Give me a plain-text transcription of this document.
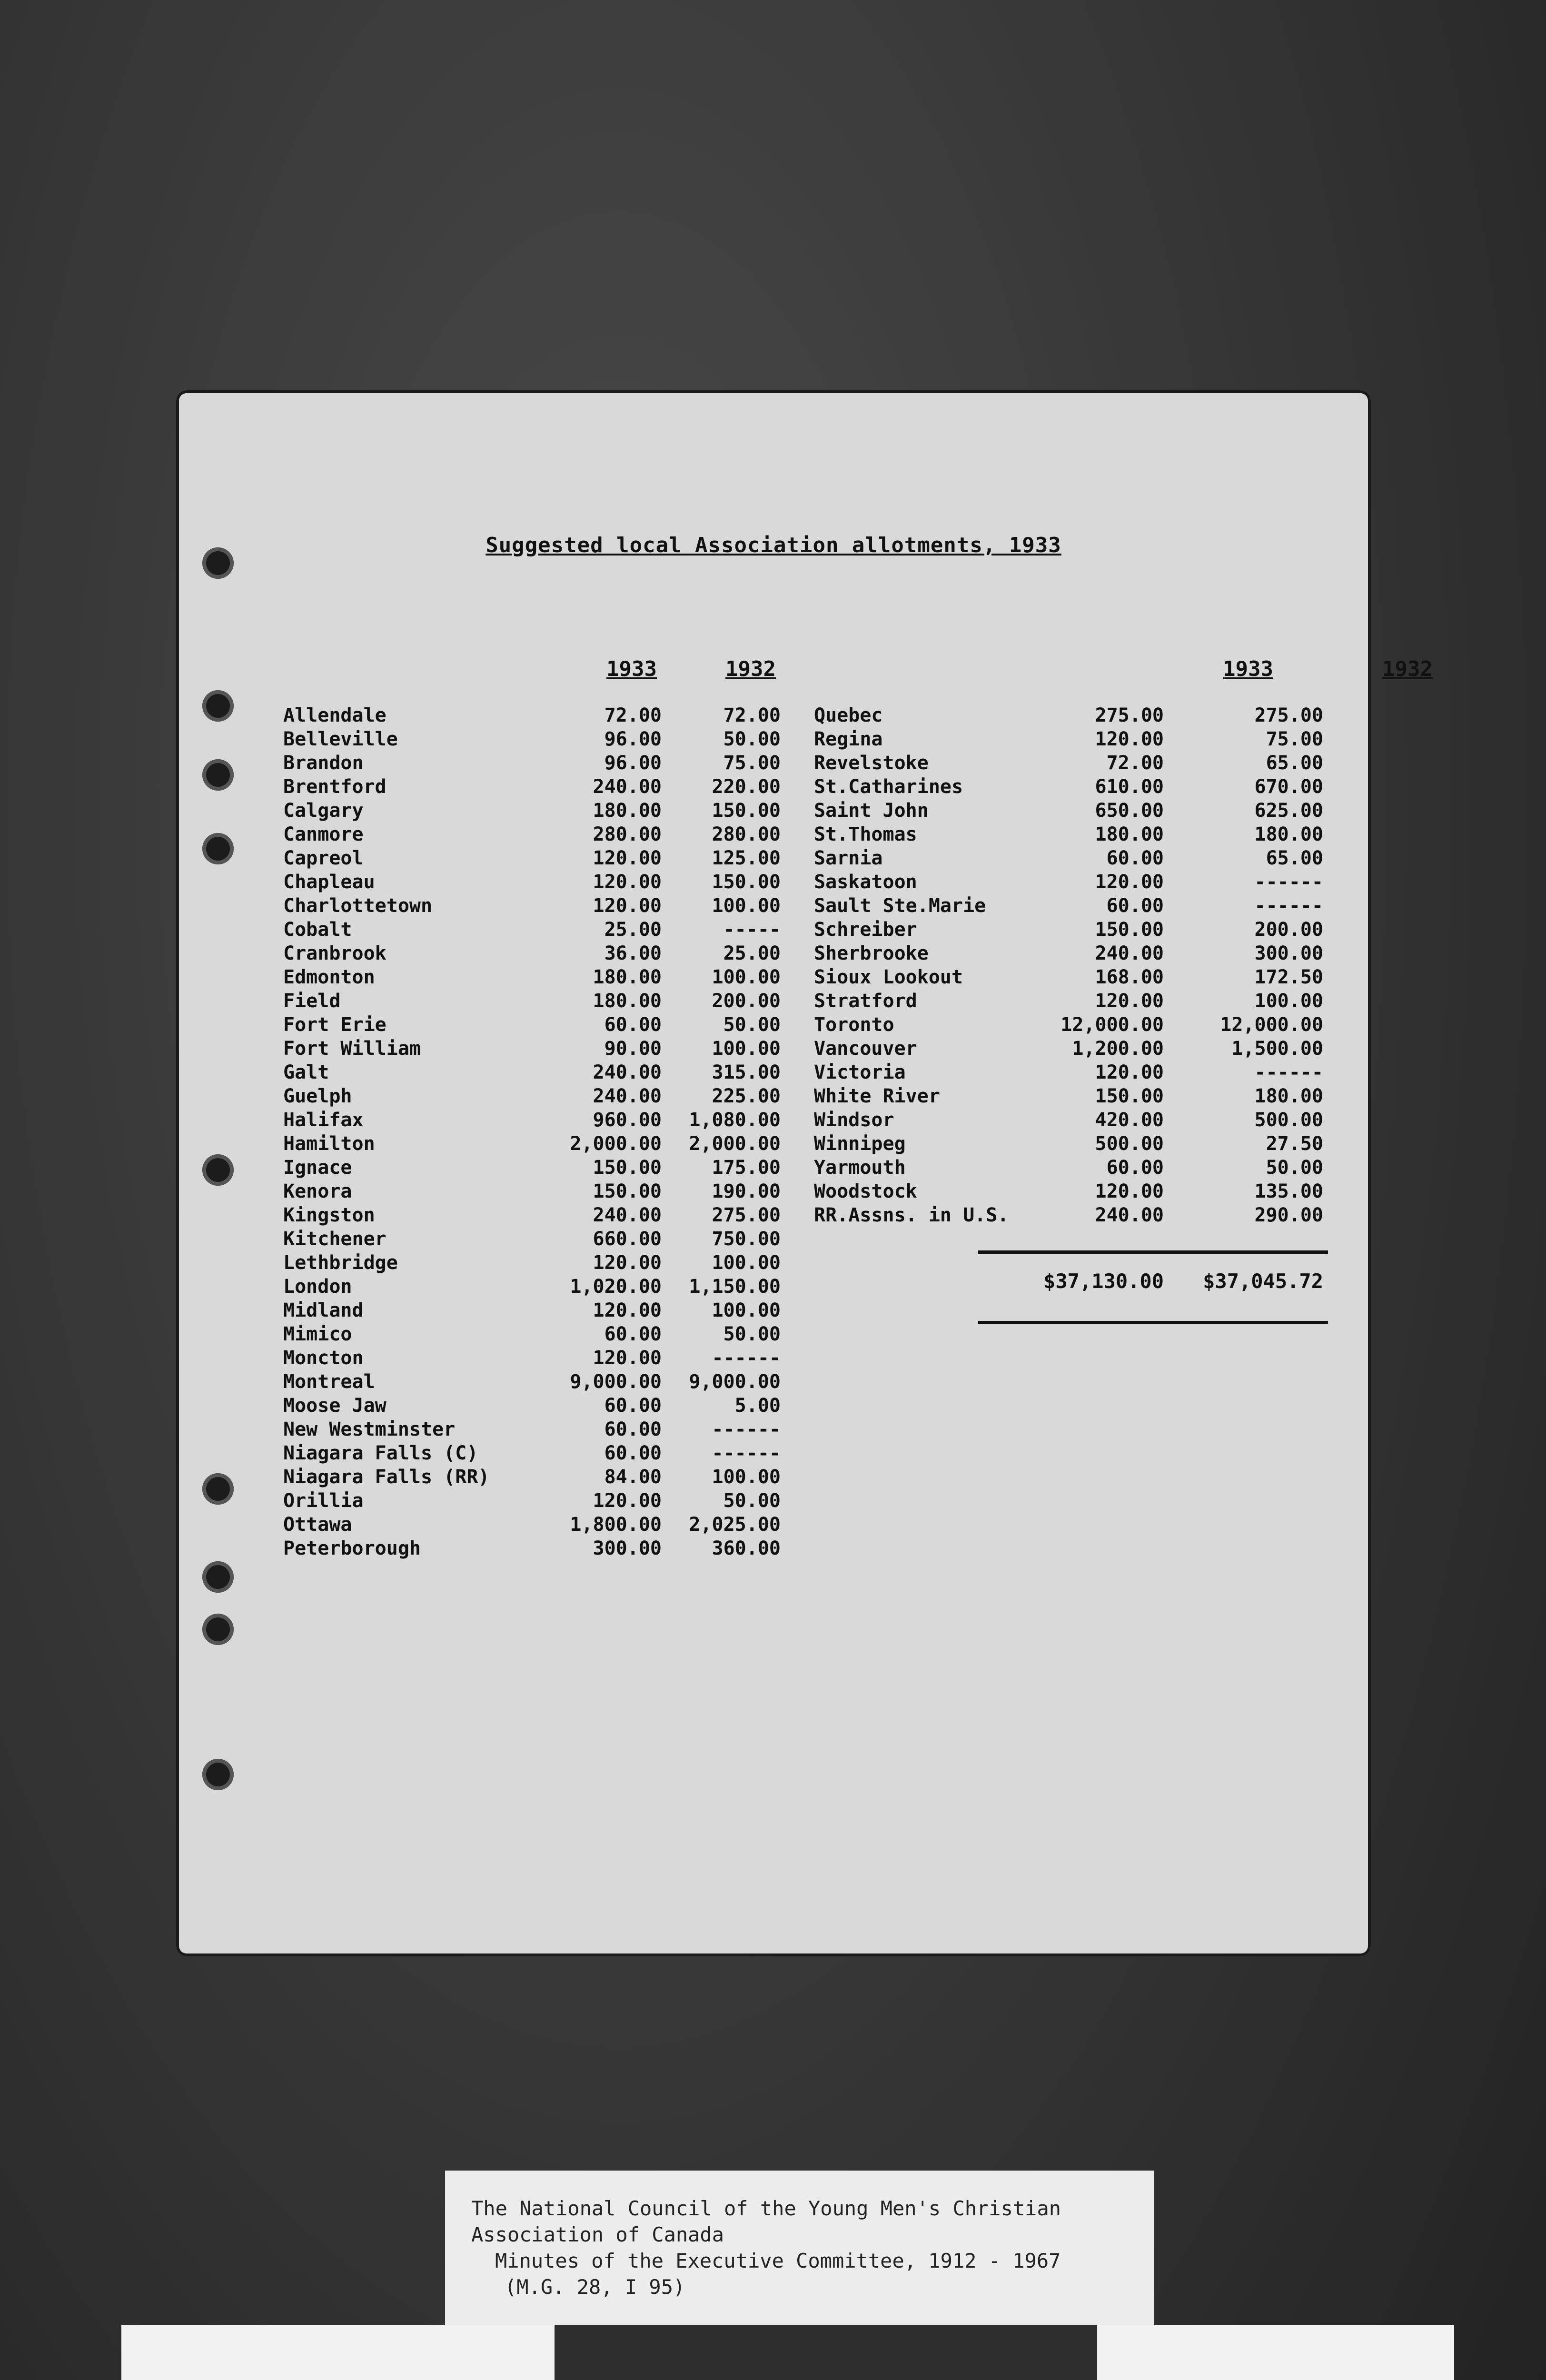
Suggested local Association allotments, 1933
1933	1932	1933	1932
Allendale	72.00	72.00
Belleville	96.00	50.00
Brandon	96.00	75.00
Brentford	240.00	220.00
Calgary	180.00	150.00
Canmore	280.00	280.00
Capreol	120.00	125.00
Chapleau	120.00	150.00
Charlottetown	120.00	100.00
Cobalt	25.00	-----
Cranbrook	36.00	25.00
Edmonton	180.00	100.00
Field	180.00	200.00
Fort Erie	60.00	50.00
Fort William	90.00	100.00
Galt	240.00	315.00
Guelph	240.00	225.00
Halifax	960.00	1,080.00
Hamilton	2,000.00	2,000.00
Ignace	150.00	175.00
Kenora	150.00	190.00
Kingston	240.00	275.00
Kitchener	660.00	750.00
Lethbridge	120.00	100.00
London	1,020.00	1,150.00
Midland	120.00	100.00
Mimico	60.00	50.00
Moncton	120.00	------
Montreal	9,000.00	9,000.00
Moose Jaw	60.00	5.00
New Westminster	60.00	------
Niagara Falls (C)	60.00	------
Niagara Falls (RR)	84.00	100.00
Orillia	120.00	50.00
Ottawa	1,800.00	2,025.00
Peterborough	300.00	360.00
Quebec	275.00	275.00
Regina	120.00	75.00
Revelstoke	72.00	65.00
St.Catharines	610.00	670.00
Saint John	650.00	625.00
St.Thomas	180.00	180.00
Sarnia	60.00	65.00
Saskatoon	120.00	------
Sault Ste.Marie	60.00	------
Schreiber	150.00	200.00
Sherbrooke	240.00	300.00
Sioux Lookout	168.00	172.50
Stratford	120.00	100.00
Toronto	12,000.00	12,000.00
Vancouver	1,200.00	1,500.00
Victoria	120.00	------
White River	150.00	180.00
Windsor	420.00	500.00
Winnipeg	500.00	27.50
Yarmouth	60.00	50.00
Woodstock	120.00	135.00
RR.Assns. in U.S.	240.00	290.00
$37,130.00	$37,045.72
The National Council of the Young Men's Christian
Association of Canada
Minutes of the Executive Committee, 1912 - 1967
(M.G. 28, I 95)
